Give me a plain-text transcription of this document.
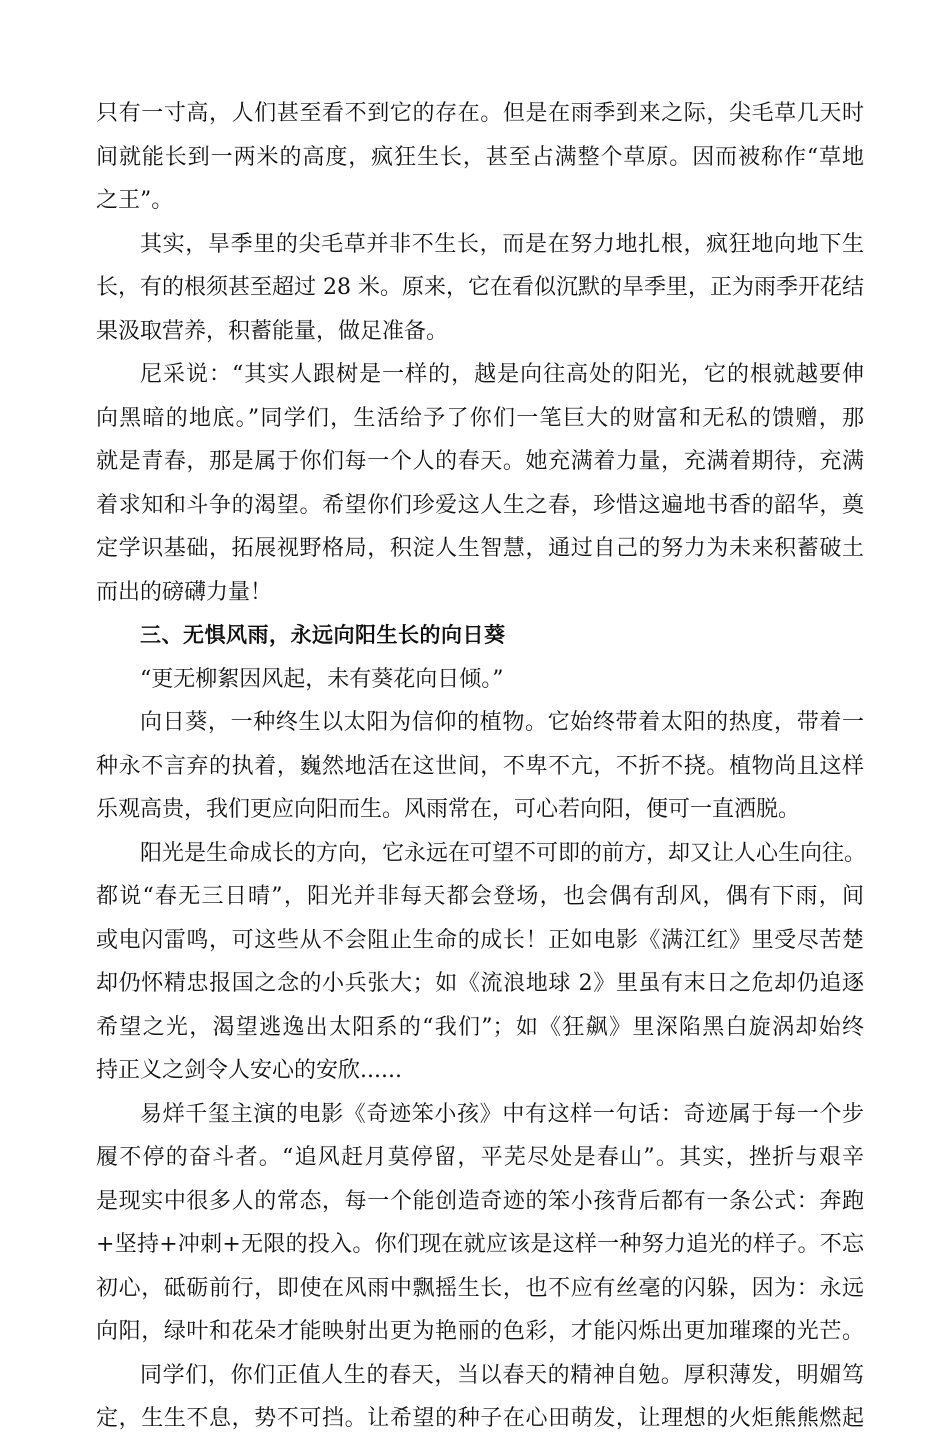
只有一寸高，人们甚至看不到它的存在。但是在雨季到来之际，尖毛草几天时
间就能长到一两米的高度，疯狂生长，甚至占满整个草原。因而被称作“草地
之王”。
其实，旱季里的尖毛草并非不生长，而是在努力地扎根，疯狂地向地下生
长，有的根须甚至超过 28 米。原来，它在看似沉默的旱季里，正为雨季开花结
果汲取营养，积蓄能量，做足准备。
尼采说：“其实人跟树是一样的，越是向往高处的阳光，它的根就越要伸
向黑暗的地底。”同学们，生活给予了你们一笔巨大的财富和无私的馈赠，那
就是青春，那是属于你们每一个人的春天。她充满着力量，充满着期待，充满
着求知和斗争的渴望。希望你们珍爱这人生之春，珍惜这遍地书香的韶华，奠
定学识基础，拓展视野格局，积淀人生智慧，通过自己的努力为未来积蓄破土
而出的磅礴力量！
三、无惧风雨，永远向阳生长的向日葵
“更无柳絮因风起，未有葵花向日倾。”
向日葵，一种终生以太阳为信仰的植物。它始终带着太阳的热度，带着一
种永不言弃的执着，巍然地活在这世间，不卑不亢，不折不挠。植物尚且这样
乐观高贵，我们更应向阳而生。风雨常在，可心若向阳，便可一直洒脱。
阳光是生命成长的方向，它永远在可望不可即的前方，却又让人心生向往。
都说“春无三日晴”，阳光并非每天都会登场，也会偶有刮风，偶有下雨，间
或电闪雷鸣，可这些从不会阻止生命的成长！正如电影《满江红》里受尽苦楚
却仍怀精忠报国之念的小兵张大；如《流浪地球 2》里虽有末日之危却仍追逐
希望之光，渴望逃逸出太阳系的“我们”；如《狂飙》里深陷黑白旋涡却始终
持正义之剑令人安心的安欣......
易烊千玺主演的电影《奇迹笨小孩》中有这样一句话：奇迹属于每一个步
履不停的奋斗者。“追风赶月莫停留，平芜尽处是春山”。其实，挫折与艰辛
是现实中很多人的常态，每一个能创造奇迹的笨小孩背后都有一条公式：奔跑
+坚持+冲刺+无限的投入。你们现在就应该是这样一种努力追光的样子。不忘
初心，砥砺前行，即使在风雨中飘摇生长，也不应有丝毫的闪躲，因为：永远
向阳，绿叶和花朵才能映射出更为艳丽的色彩，才能闪烁出更加璀璨的光芒。
同学们，你们正值人生的春天，当以春天的精神自勉。厚积薄发，明媚笃
定，生生不息，势不可挡。让希望的种子在心田萌发，让理想的火炬熊熊燃起
